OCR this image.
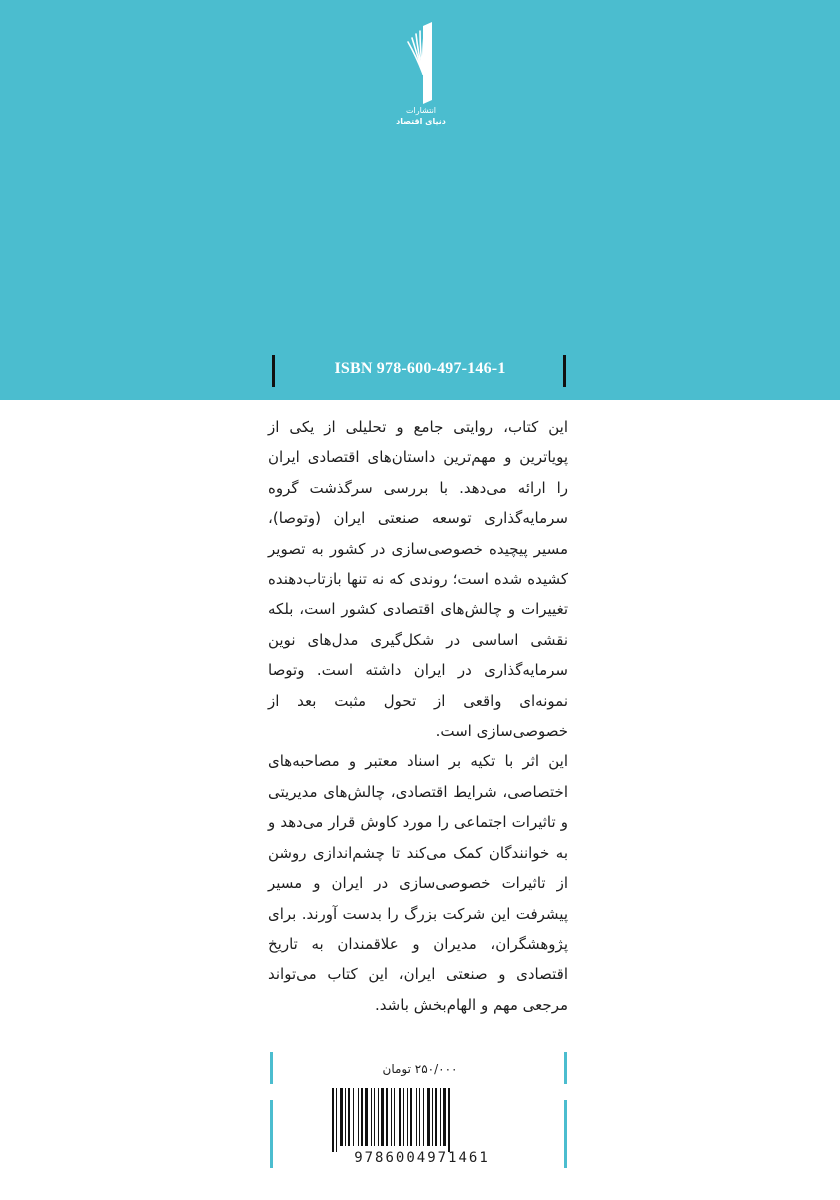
انتشارات
دنیای اقتصاد
ISBN 978-600-497-146-1

این کتاب، روایتی جامع و تحلیلی از یکی از پویاترین و مهم‌ترین داستان‌های اقتصادی ایران را ارائه می‌دهد. با بررسی سرگذشت گروه سرمایه‌گذاری توسعه صنعتی ایران (وتوصا)، مسیر پیچیده خصوصی‌سازی در کشور به تصویر کشیده شده است؛ روندی که نه تنها بازتاب‌دهنده تغییرات و چالش‌های اقتصادی کشور است، بلکه نقشی اساسی در شکل‌گیری مدل‌های نوین سرمایه‌گذاری در ایران داشته است. وتوصا نمونه‌ای واقعی از تحول مثبت بعد از خصوصی‌سازی است.

این اثر با تکیه بر اسناد معتبر و مصاحبه‌های اختصاصی، شرایط اقتصادی، چالش‌های مدیریتی و تاثیرات اجتماعی را مورد کاوش قرار می‌دهد و به خوانندگان کمک می‌کند تا چشم‌اندازی روشن از تاثیرات خصوصی‌سازی در ایران و مسیر پیشرفت این شرکت بزرگ را بدست آورند. برای پژوهشگران، مدیران و علاقمندان به تاریخ اقتصادی و صنعتی ایران، این کتاب می‌تواند مرجعی مهم و الهام‌بخش باشد.

۲۵۰/۰۰۰ تومان
9786004971461
